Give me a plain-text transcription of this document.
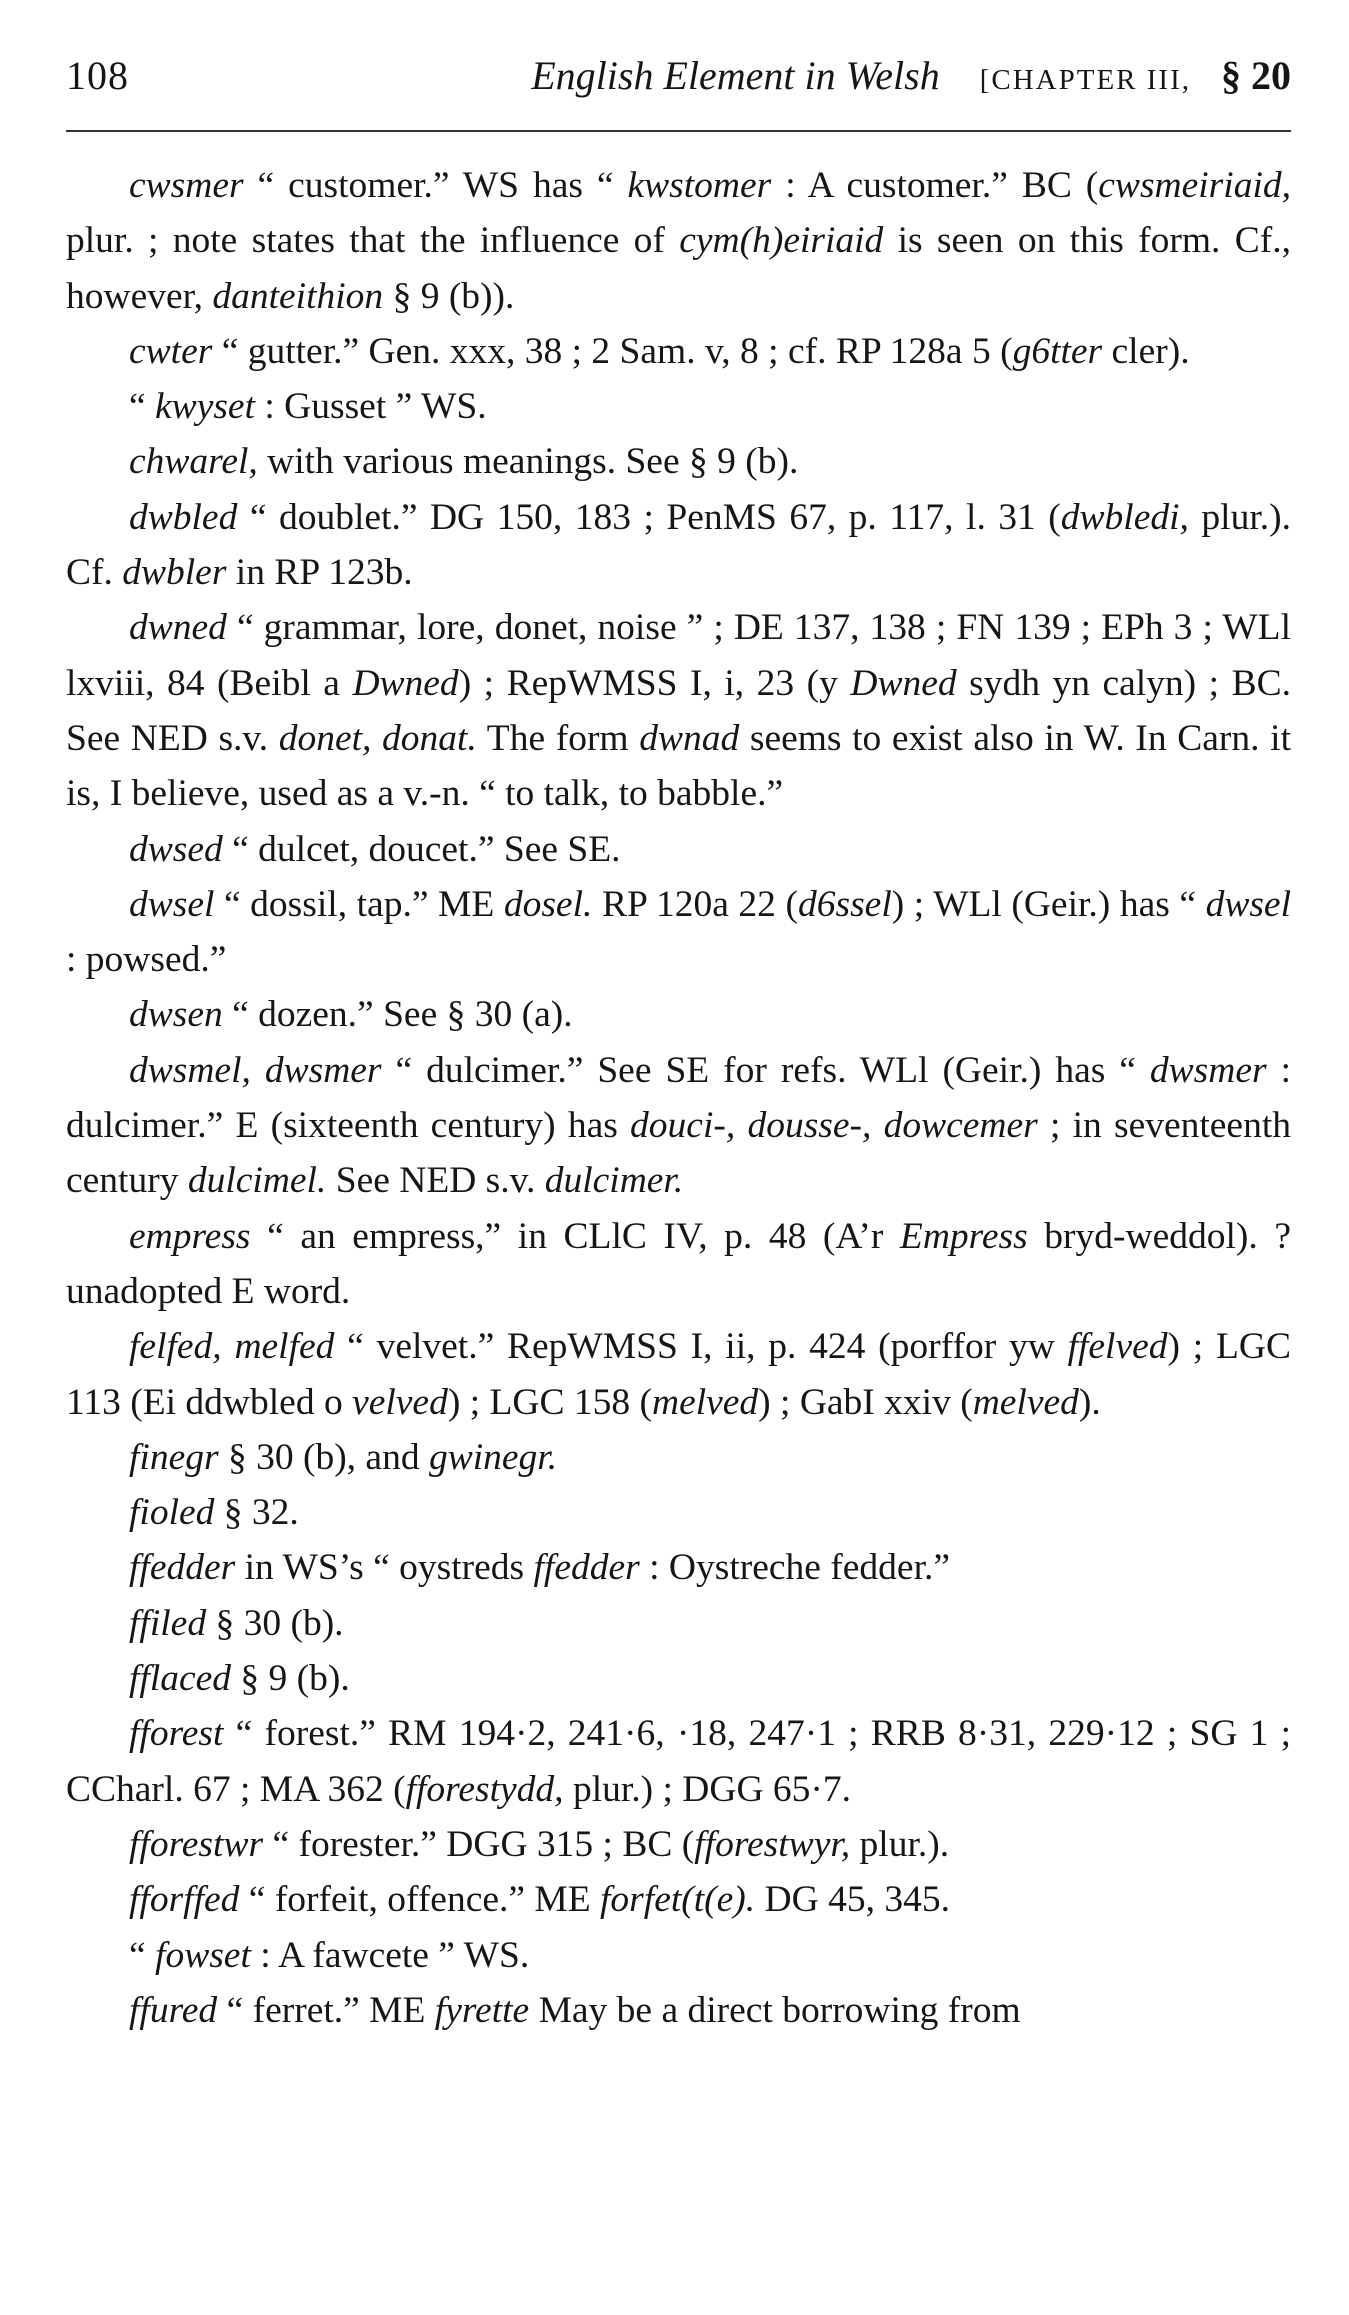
108	English Element in Welsh [CHAPTER III, § 20

cwsmer “ customer.” WS has “ kwstomer : A customer.” BC (cwsmeiriaid, plur. ; note states that the influence of cym(h)eiriaid is seen on this form. Cf., however, danteithion § 9 (b)).

cwter “ gutter.” Gen. xxx, 38 ; 2 Sam. v, 8 ; cf. RP 128a 5 (g6tter cler).

“ kwyset : Gusset ” WS.

chwarel, with various meanings. See § 9 (b).

dwbled “ doublet.” DG 150, 183 ; PenMS 67, p. 117, l. 31 (dwbledi, plur.). Cf. dwbler in RP 123b.

dwned “ grammar, lore, donet, noise ” ; DE 137, 138 ; FN 139 ; EPh 3 ; WLl lxviii, 84 (Beibl a Dwned) ; RepWMSS I, i, 23 (y Dwned sydh yn calyn) ; BC. See NED s.v. donet, donat. The form dwnad seems to exist also in W. In Carn. it is, I believe, used as a v.-n. “ to talk, to babble.”

dwsed “ dulcet, doucet.” See SE.

dwsel “ dossil, tap.” ME dosel. RP 120a 22 (d6ssel) ; WLl (Geir.) has “ dwsel : powsed.”

dwsen “ dozen.” See § 30 (a).

dwsmel, dwsmer “ dulcimer.” See SE for refs. WLl (Geir.) has “ dwsmer : dulcimer.” E (sixteenth century) has douci-, dousse-, dowcemer ; in seventeenth century dulcimel. See NED s.v. dulcimer.

empress “ an empress,” in CLlC IV, p. 48 (A’r Empress bryd-weddol). ? unadopted E word.

felfed, melfed “ velvet.” RepWMSS I, ii, p. 424 (porffor yw ffelved) ; LGC 113 (Ei ddwbled o velved) ; LGC 158 (melved) ; GabI xxiv (melved).

finegr § 30 (b), and gwinegr.

fioled § 32.

ffedder in WS’s “ oystreds ffedder : Oystreche fedder.”

ffiled § 30 (b).

fflaced § 9 (b).

fforest “ forest.” RM 194·2, 241·6, ·18, 247·1 ; RRB 8·31, 229·12 ; SG 1 ; CCharl. 67 ; MA 362 (fforestydd, plur.) ; DGG 65·7.

fforestwr “ forester.” DGG 315 ; BC (fforestwyr, plur.).

fforffed “ forfeit, offence.” ME forfet(t(e). DG 45, 345.

“ fowset : A fawcete ” WS.

ffured “ ferret.” ME fyrette May be a direct borrowing from
